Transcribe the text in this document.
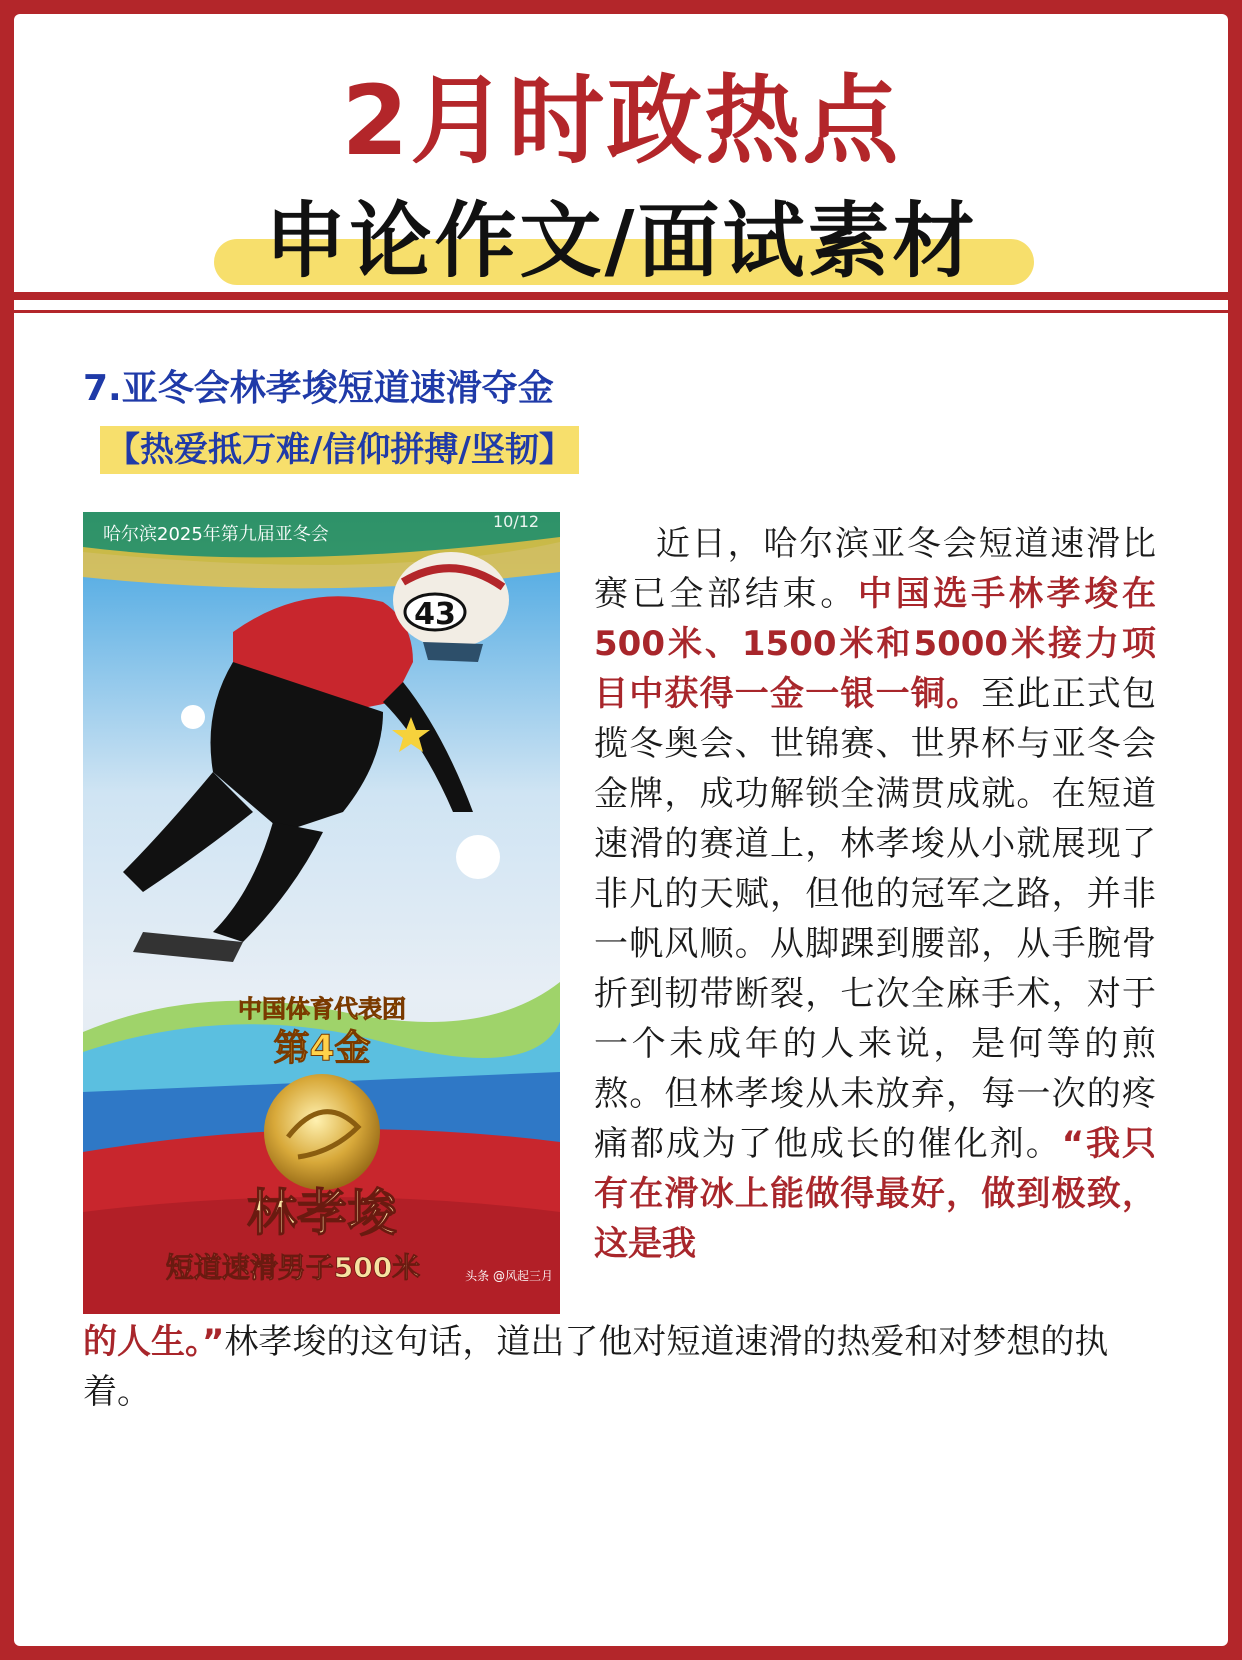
2月时政热点
申论作文/面试素材

7.亚冬会林孝埈短道速滑夺金

【热爱抵万难/信仰拼搏/坚韧】

43
哈尔滨2025年第九届亚冬会
10/12
中国体育代表团
第4金
林孝埈
短道速滑男子500米	头条 @风起三月

近日，哈尔滨亚冬会短道速滑比赛已全部结束。中国选手林孝埈在500米、1500米和5000米接力项目中获得一金一银一铜。至此正式包揽冬奥会、世锦赛、世界杯与亚冬会金牌，成功解锁全满贯成就。在短道速滑的赛道上，林孝埈从小就展现了非凡的天赋，但他的冠军之路，并非一帆风顺。从脚踝到腰部，从手腕骨折到韧带断裂，七次全麻手术，对于一个未成年的人来说，是何等的煎熬。但林孝埈从未放弃，每一次的疼痛都成为了他成长的催化剂。“我只有在滑冰上能做得最好，做到极致，这是我

的人生。”林孝埈的这句话，道出了他对短道速滑的热爱和对梦想的执着。
